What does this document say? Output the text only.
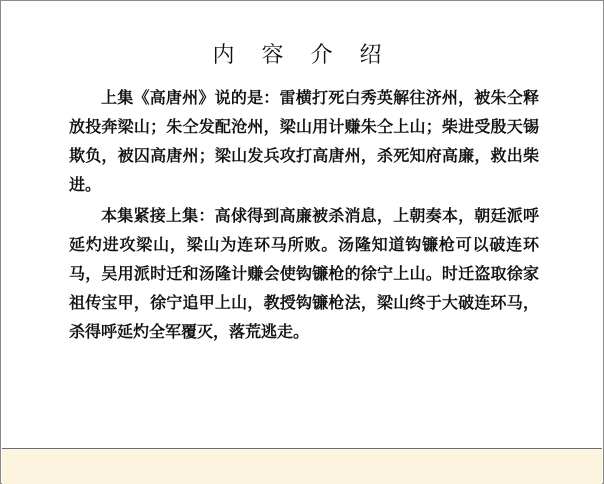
内 容 介 绍

上集《高唐州》说的是：雷横打死白秀英解往济州，被朱仝释放投奔梁山；朱仝发配沧州，梁山用计赚朱仝上山；柴进受殷天锡欺负，被囚高唐州；梁山发兵攻打高唐州，杀死知府高廉，救出柴进。

本集紧接上集：高俅得到高廉被杀消息，上朝奏本，朝廷派呼延灼进攻梁山，梁山为连环马所败。汤隆知道钩镰枪可以破连环马，吴用派时迁和汤隆计赚会使钩镰枪的徐宁上山。时迁盗取徐家祖传宝甲，徐宁追甲上山，教授钩镰枪法，梁山终于大破连环马，杀得呼延灼全军覆灭，落荒逃走。
